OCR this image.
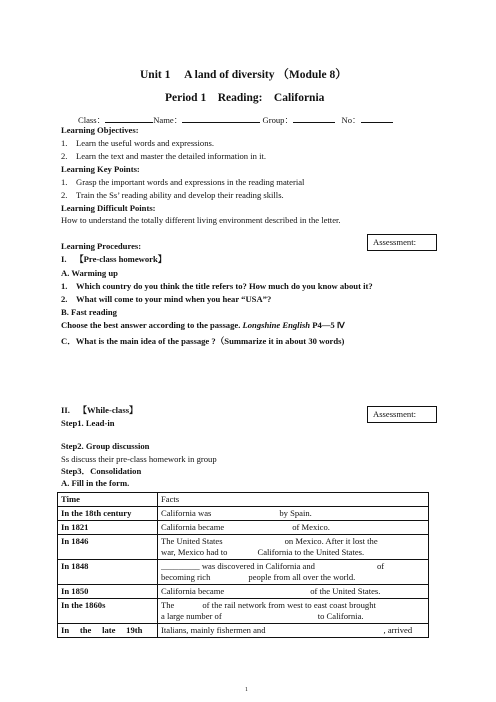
Unit 1  A land of diversity （Module 8）
Period 1 Reading: California
Class：	Name：	Group：	No：
Learning Objectives:
1. Learn the useful words and expressions.
2. Learn the text and master the detailed information in it.
Learning Key Points:
1. Grasp the important words and expressions in the reading material
2. Train the Ss’ reading ability and develop their reading skills.
Learning Difficult Points:
How to understand the totally different living environment described in the letter.
Assessment:
Learning Procedures:
I. 【Pre-class homework】
A. Warming up
1. Which country do you think the title refers to? How much do you know about it?
2. What will come to your mind when you hear “USA”?
B. Fast reading
Choose the best answer according to the passage. Longshine English P4—5 Ⅳ
C．What is the main idea of the passage ?（Summarize it in about 30 words)
II. 【While-class】	Assessment:
Step1. Lead-in
Step2. Group discussion
Ss discuss their pre-class homework in group
Step3．Consolidation
A. Fill in the form.
Time	Facts
In the 18th century	California was by Spain.
In 1821	California became of Mexico.
In 1846	The United States on Mexico. After it lost the
war, Mexico had to California to the United States.
In 1848	_________ was discovered in California and of
becoming rich people from all over the world.
In 1850	California became of the United States.
In the 1860s	The of the rail network from west to east coast brought
a large number of to California.
In  the  late  19th	Italians, mainly fishermen and , arrived
1
